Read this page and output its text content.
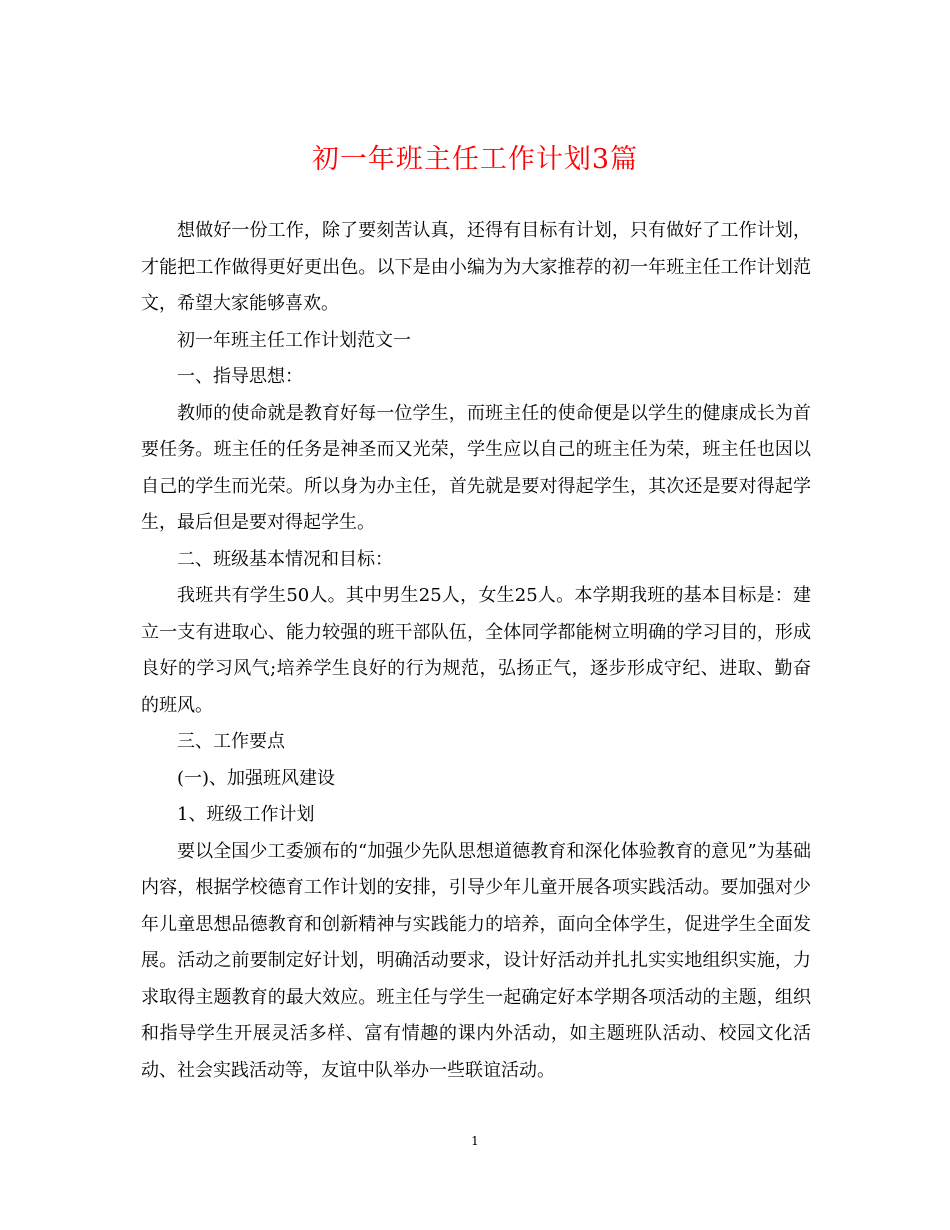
初一年班主任工作计划3篇

想做好一份工作，除了要刻苦认真，还得有目标有计划，只有做好了工作计划，才能把工作做得更好更出色。以下是由小编为为大家推荐的初一年班主任工作计划范文，希望大家能够喜欢。

初一年班主任工作计划范文一

一、指导思想：

教师的使命就是教育好每一位学生，而班主任的使命便是以学生的健康成长为首要任务。班主任的任务是神圣而又光荣，学生应以自己的班主任为荣，班主任也因以自己的学生而光荣。所以身为办主任，首先就是要对得起学生，其次还是要对得起学生，最后但是要对得起学生。

二、班级基本情况和目标：

我班共有学生50人。其中男生25人，女生25人。本学期我班的基本目标是：建立一支有进取心、能力较强的班干部队伍，全体同学都能树立明确的学习目的，形成良好的学习风气;培养学生良好的行为规范，弘扬正气，逐步形成守纪、进取、勤奋的班风。

三、工作要点

(一)、加强班风建设

1、班级工作计划

要以全国少工委颁布的“加强少先队思想道德教育和深化体验教育的意见”为基础内容，根据学校德育工作计划的安排，引导少年儿童开展各项实践活动。要加强对少年儿童思想品德教育和创新精神与实践能力的培养，面向全体学生，促进学生全面发展。活动之前要制定好计划，明确活动要求，设计好活动并扎扎实实地组织实施，力求取得主题教育的最大效应。班主任与学生一起确定好本学期各项活动的主题，组织和指导学生开展灵活多样、富有情趣的课内外活动，如主题班队活动、校园文化活动、社会实践活动等，友谊中队举办一些联谊活动。

1
